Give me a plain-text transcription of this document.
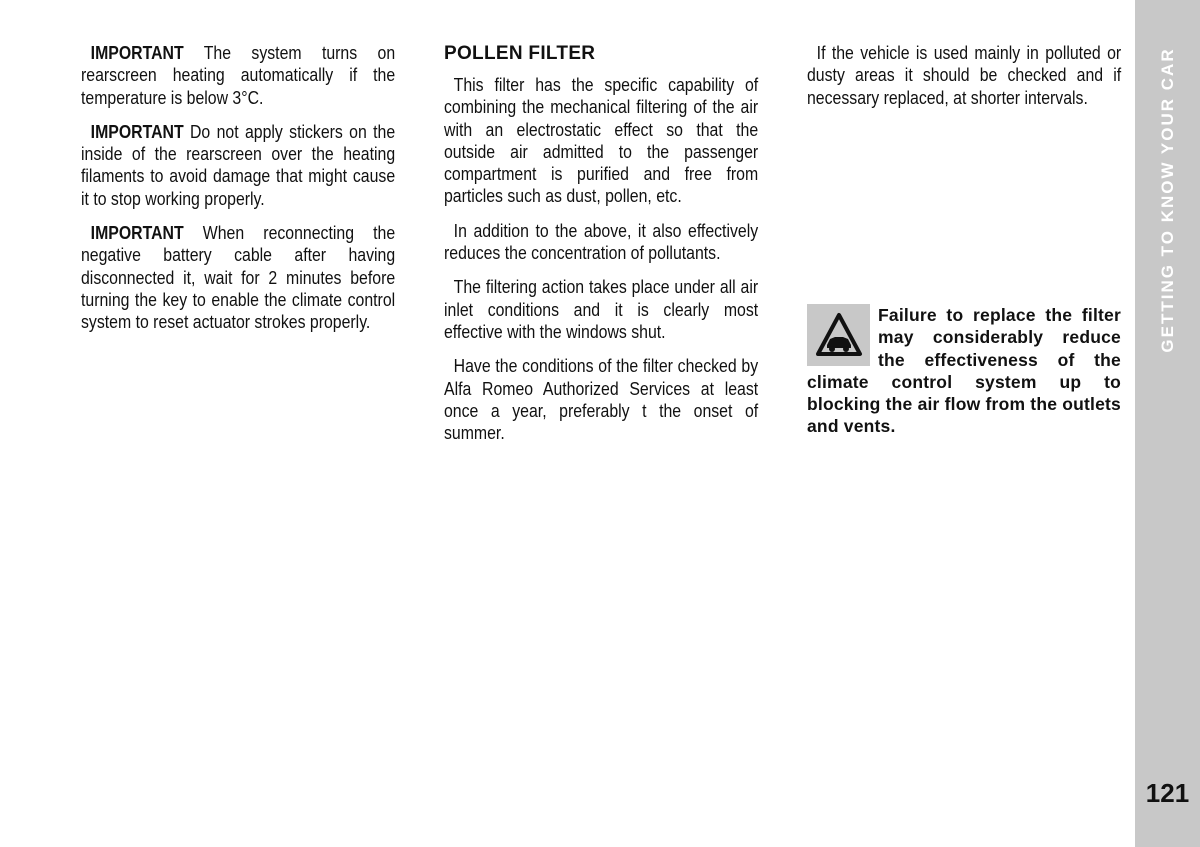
IMPORTANT The system turns on rearscreen heating automatically if the temperature is below 3°C.

IMPORTANT Do not apply stickers on the inside of the rearscreen over the heating filaments to avoid damage that might cause it to stop working properly.

IMPORTANT When reconnecting the negative battery cable after having disconnected it, wait for 2 minutes before turning the key to enable the climate control system to reset actuator strokes properly.

POLLEN FILTER

This filter has the specific capability of combining the mechanical filtering of the air with an electrostatic effect so that the outside air admitted to the passenger compartment is purified and free from particles such as dust, pollen, etc.

In addition to the above, it also effectively reduces the concentration of pollutants.

The filtering action takes place under all air inlet conditions and it is clearly most effective with the windows shut.

Have the conditions of the filter checked by Alfa Romeo Authorized Services at least once a year, preferably t the onset of summer.

If the vehicle is used mainly in polluted or dusty areas it should be checked and if necessary replaced, at shorter intervals.

Failure to replace the filter may considerably reduce the effectiveness of the climate control system up to blocking the air flow from the outlets and vents.

GETTING TO KNOW YOUR CAR
121
